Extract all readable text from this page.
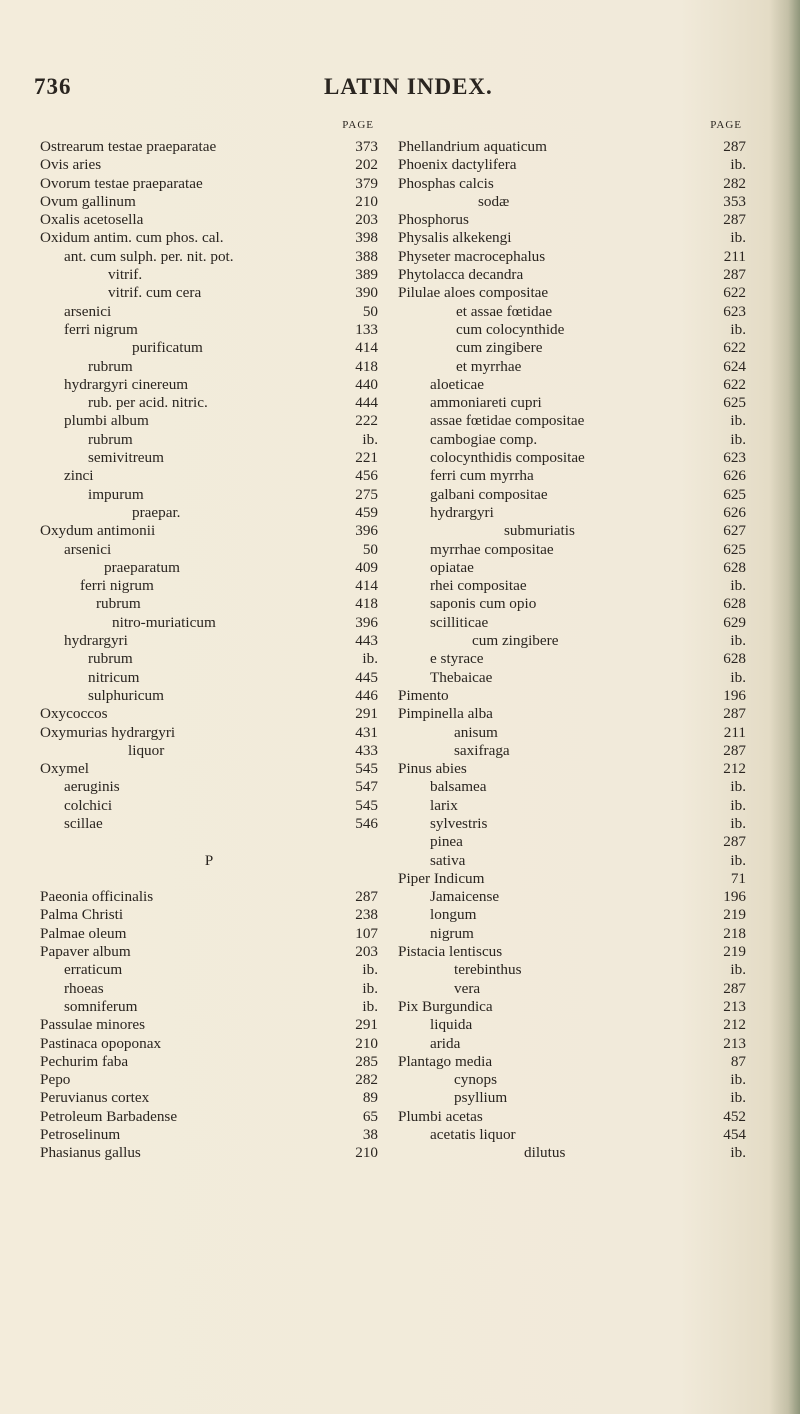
736	LATIN INDEX.
PAGE
Ostrearum testae praeparatae	373
Ovis aries	202
Ovorum testae praeparatae	379
Ovum gallinum	210
Oxalis acetosella	203
Oxidum antim. cum phos. cal.	398
ant. cum sulph. per. nit. pot.	388
vitrif.	389
vitrif. cum cera	390
arsenici	50
ferri nigrum	133
purificatum	414
rubrum	418
hydrargyri cinereum	440
rub. per acid. nitric.	444
plumbi album	222
rubrum	ib.
semivitreum	221
zinci	456
impurum	275
praepar.	459
Oxydum antimonii	396
arsenici	50
praeparatum	409
ferri nigrum	414
rubrum	418
nitro-muriaticum	396
hydrargyri	443
rubrum	ib.
nitricum	445
sulphuricum	446
Oxycoccos	291
Oxymurias hydrargyri	431
liquor	433
Oxymel	545
aeruginis	547
colchici	545
scillae	546
P
Paeonia officinalis	287
Palma Christi	238
Palmae oleum	107
Papaver album	203
erraticum	ib.
rhoeas	ib.
somniferum	ib.
Passulae minores	291
Pastinaca opoponax	210
Pechurim faba	285
Pepo	282
Peruvianus cortex	89
Petroleum Barbadense	65
Petroselinum	38
Phasianus gallus	210
PAGE
Phellandrium aquaticum	287
Phoenix dactylifera	ib.
Phosphas calcis	282
sodæ	353
Phosphorus	287
Physalis alkekengi	ib.
Physeter macrocephalus	211
Phytolacca decandra	287
Pilulae aloes compositae	622
et assae fœtidae	623
cum colocynthide	ib.
cum zingibere	622
et myrrhae	624
aloeticae	622
ammoniareti cupri	625
assae fœtidae compositae	ib.
cambogiae comp.	ib.
colocynthidis compositae	623
ferri cum myrrha	626
galbani compositae	625
hydrargyri	626
submuriatis	627
myrrhae compositae	625
opiatae	628
rhei compositae	ib.
saponis cum opio	628
scilliticae	629
cum zingibere	ib.
e styrace	628
Thebaicae	ib.
Pimento	196
Pimpinella alba	287
anisum	211
saxifraga	287
Pinus abies	212
balsamea	ib.
larix	ib.
sylvestris	ib.
pinea	287
sativa	ib.
Piper Indicum	71
Jamaicense	196
longum	219
nigrum	218
Pistacia lentiscus	219
terebinthus	ib.
vera	287
Pix Burgundica	213
liquida	212
arida	213
Plantago media	87
cynops	ib.
psyllium	ib.
Plumbi acetas	452
acetatis liquor	454
dilutus	ib.
